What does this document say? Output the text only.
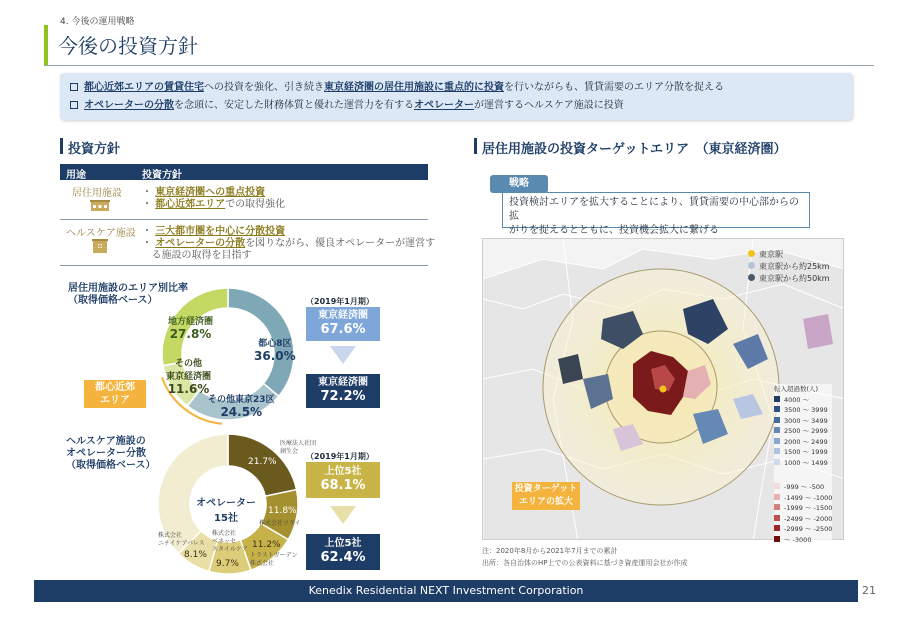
4. 今後の運用戦略
今後の投資方針
都心近郊エリアの賃貸住宅への投資を強化、引き続き東京経済圏の居住用施設に重点的に投資を行いながらも、賃貸需要のエリア分散を捉える
オペレーターの分散を念頭に、安定した財務体質と優れた運営力を有するオペレーターが運営するヘルスケア施設に投資
投資方針
用途	投資方針
居住用施設 ・ 東京経済圏への重点投資
・ 都心近郊エリアでの取得強化
ヘルスケア施設 ・ 三大都市圏を中心に分散投資
・ オペレーターの分散を図りながら、優良オペレーターが運営す
る施設の取得を目指す
居住用施設のエリア別比率
（取得価格ベース）
地方経済圏
27.8%
都心8区
36.0%
その他
東京経済圏
11.6%
その他東京23区
24.5%
都心近郊
エリア
（2019年1月期）
東京経済圏
67.6%
東京経済圏
72.2%
ヘルスケア施設の
オペレーター分散
（取得価格ベース）
オペレーター
15社
医療法人社団
創生会
21.7%
11.8%
株式会社ツクイ
11.2%
トラストガーデン
株式会社
株式会社
ベネッセ
スタイルケア
9.7%
株式会社
ニチイケアパレス
8.1%
（2019年1月期）
上位5社
68.1%
上位5社
62.4%
居住用施設の投資ターゲットエリア　（東京経済圏）
投資検討エリアを拡大することにより、賃貸需要の中心部からの拡
がりを捉えるとともに、投資機会拡大に繋げる
戦略
東京駅
東京駅から約25km
東京駅から約50km
転入超過数(人)
4000 ～
3500 ～ 3999
3000 ～ 3499
2500 ～ 2999
2000 ～ 2499
1500 ～ 1999
1000 ～ 1499
-999 ～ -500
-1499 ～ -1000
-1999 ～ -1500
-2499 ～ -2000
-2999 ～ -2500
～ -3000
投資ターゲット
エリアの拡大
注：2020年8月から2021年7月までの累計
出所：各自治体のHP上での公表資料に基づき資産運用会社が作成
Kenedix Residential NEXT Investment Corporation	21
